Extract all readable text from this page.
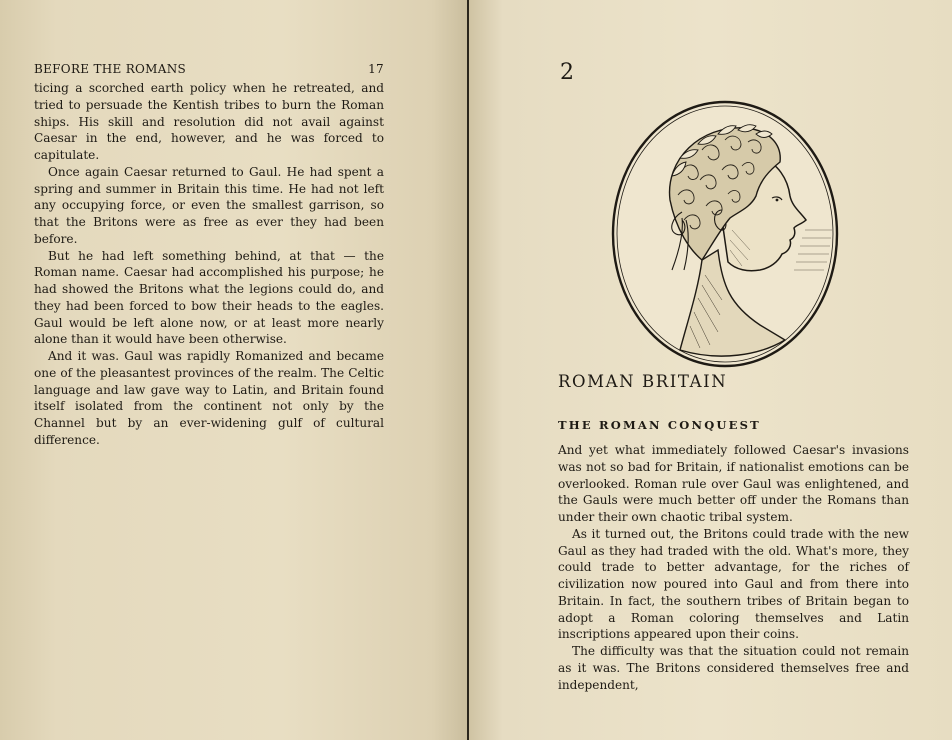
BEFORE THE ROMANS	17

ticing a scorched earth policy when he retreated, and tried to persuade the Kentish tribes to burn the Roman ships. His skill and resolution did not avail against Caesar in the end, however, and he was forced to capitulate.

Once again Caesar returned to Gaul. He had spent a spring and summer in Britain this time. He had not left any occupying force, or even the smallest garrison, so that the Britons were as free as ever they had been before.

But he had left something behind, at that — the Roman name. Caesar had accomplished his purpose; he had showed the Britons what the legions could do, and they had been forced to bow their heads to the eagles. Gaul would be left alone now, or at least more nearly alone than it would have been otherwise.

And it was. Gaul was rapidly Romanized and became one of the pleasantest provinces of the realm. The Celtic language and law gave way to Latin, and Britain found itself isolated from the continent not only by the Channel but by an ever-widening gulf of cultural difference.

2
ROMAN BRITAIN
THE ROMAN CONQUEST

And yet what immediately followed Caesar's invasions was not so bad for Britain, if nationalist emotions can be overlooked. Roman rule over Gaul was enlightened, and the Gauls were much better off under the Romans than under their own chaotic tribal system.

As it turned out, the Britons could trade with the new Gaul as they had traded with the old. What's more, they could trade to better advantage, for the riches of civilization now poured into Gaul and from there into Britain. In fact, the southern tribes of Britain began to adopt a Roman coloring themselves and Latin inscriptions appeared upon their coins.

The difficulty was that the situation could not remain as it was. The Britons considered themselves free and independent,
